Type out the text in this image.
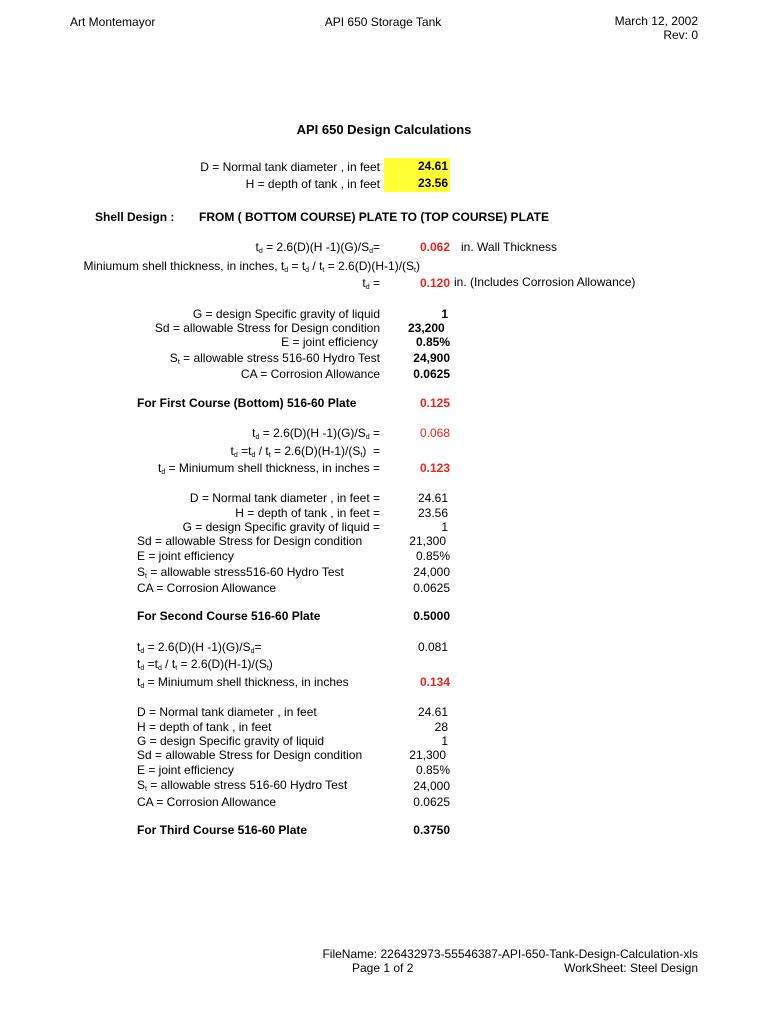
Art Montemayor	API 650 Storage Tank	March 12, 2002
Rev: 0
API 650 Design Calculations
D = Normal tank diameter , in feet	24.61
H = depth of tank , in feet	23.56
Shell Design : FROM ( BOTTOM COURSE) PLATE TO (TOP COURSE) PLATE
$t_d = 2.6(D)(H$ $-1)(G)/S_d=$	0.062 in. Wall Thickness
Miniumum shell thickness, in inches, $t_d = t_d / t_t = 2.6(D)(H-1)/(S_t)$
$t_d$ =	0.120 in. (Includes Corrosion Allowance)
G = design Specific gravity of liquid	1
Sd = allowable Stress for Design condition 23,200
E = joint efficiency	0.85%
$S_t$ = allowable stress 516-60 Hydro Test	24,900
CA = Corrosion Allowance	0.0625
For First Course (Bottom) 516-60 Plate	0.125
$t_d = 2.6(D)(H$ $-1)(G)/S_d$ =	0.068
$t_d =t_d / t_t = 2.6(D)(H-1)/(S_t)$  =
$t_d$ = Miniumum shell thickness, in inches =	0.123
D = Normal tank diameter , in feet =	24.61
H = depth of tank , in feet =	23.56
G = design Specific gravity of liquid =	1
Sd = allowable Stress for Design condition	21,300
E = joint efficiency	0.85%
$S_t$ = allowable stress516-60 Hydro Test	24,000
CA = Corrosion Allowance	0.0625
For Second Course 516-60 Plate	0.5000
$t_d = 2.6(D)(H$ $-1)(G)/S_d=$	0.081
$t_d =t_d / t_t = 2.6(D)(H-1)/(S_t)$
$t_d$ = Miniumum shell thickness, in inches	0.134
D = Normal tank diameter , in feet	24.61
H = depth of tank , in feet	28
G = design Specific gravity of liquid	1
Sd = allowable Stress for Design condition	21,300
E = joint efficiency	0.85%
$S_t$ = allowable stress 516-60 Hydro Test	24,000
CA = Corrosion Allowance	0.0625
For Third Course 516-60 Plate	0.3750
FileName: 226432973-55546387-API-650-Tank-Design-Calculation-xls
Page 1 of 2	WorkSheet: Steel Design
